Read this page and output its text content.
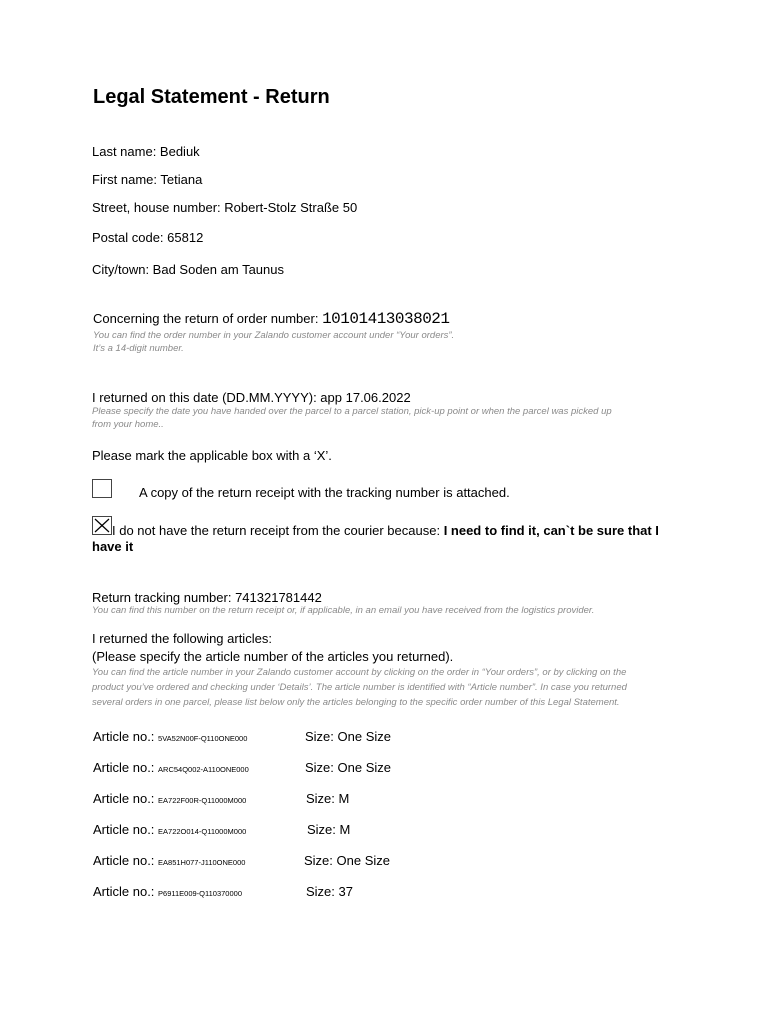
Legal Statement - Return
Last name: Bediuk
First name: Tetiana
Street, house number: Robert-Stolz Straße 50
Postal code: 65812
City/town: Bad Soden am Taunus
Concerning the return of order number: 10101413038021
You can find the order number in your Zalando customer account under “Your orders”.
It’s a 14-digit number.
I returned on this date (DD.MM.YYYY): app 17.06.2022
Please specify the date you have handed over the parcel to a parcel station, pick-up point or when the parcel was picked up
from your home..
Please mark the applicable box with a ‘X’.
A copy of the return receipt with the tracking number is attached.
I do not have the return receipt from the courier because: I need to find it, can`t be sure that I have it
Return tracking number: 741321781442
You can find this number on the return receipt or, if applicable, in an email you have received from the logistics provider.
I returned the following articles:
(Please specify the article number of the articles you returned).
You can find the article number in your Zalando customer account by clicking on the order in “Your orders”, or by clicking on the
product you’ve ordered and checking under ‘Details’. The article number is identified with “Article number”. In case you returned
several orders in one parcel, please list below only the articles belonging to the specific order number of this Legal Statement.
Article no.: 5VA52N00F-Q110ONE000	Size: One Size
Article no.: ARC54Q002-A110ONE000	Size: One Size
Article no.: EA722F00R-Q11000M000	Size: M
Article no.: EA722O014-Q11000M000	Size: M
Article no.: EA851H077-J110ONE000	Size: One Size
Article no.: P6911E009-Q110370000	Size: 37
